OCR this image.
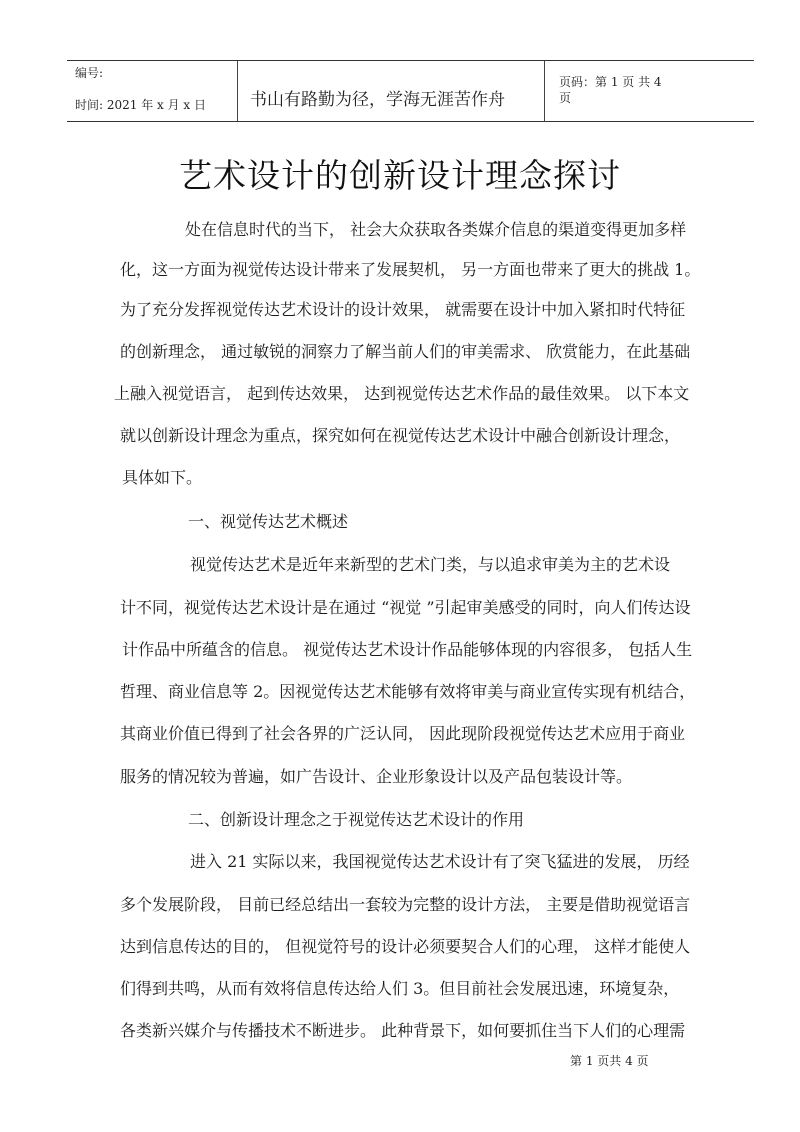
编号:
时间: 2021 年 x 月 x 日	书山有路勤为径，学海无涯苦作舟
页码：第 1 页 共 4
页
艺术设计的创新设计理念探讨
处在信息时代的当下， 社会大众获取各类媒介信息的渠道变得更加多样
化，这一方面为视觉传达设计带来了发展契机， 另一方面也带来了更大的挑战 1。
为了充分发挥视觉传达艺术设计的设计效果， 就需要在设计中加入紧扣时代特征
的创新理念， 通过敏锐的洞察力了解当前人们的审美需求、 欣赏能力，在此基础
上融入视觉语言， 起到传达效果， 达到视觉传达艺术作品的最佳效果。 以下本文
就以创新设计理念为重点，探究如何在视觉传达艺术设计中融合创新设计理念，
具体如下。
一、视觉传达艺术概述
视觉传达艺术是近年来新型的艺术门类，与以追求审美为主的艺术设
计不同，视觉传达艺术设计是在通过 “视觉 ”引起审美感受的同时，向人们传达设
计作品中所蕴含的信息。 视觉传达艺术设计作品能够体现的内容很多， 包括人生
哲理、商业信息等 2。因视觉传达艺术能够有效将审美与商业宣传实现有机结合，
其商业价值已得到了社会各界的广泛认同， 因此现阶段视觉传达艺术应用于商业
服务的情况较为普遍，如广告设计、企业形象设计以及产品包装设计等。
二、创新设计理念之于视觉传达艺术设计的作用
进入 21 实际以来，我国视觉传达艺术设计有了突飞猛进的发展， 历经
多个发展阶段， 目前已经总结出一套较为完整的设计方法， 主要是借助视觉语言
达到信息传达的目的， 但视觉符号的设计必须要契合人们的心理， 这样才能使人
们得到共鸣，从而有效将信息传达给人们 3。但目前社会发展迅速，环境复杂，
各类新兴媒介与传播技术不断进步。 此种背景下，如何要抓住当下人们的心理需
第 1 页共 4 页
